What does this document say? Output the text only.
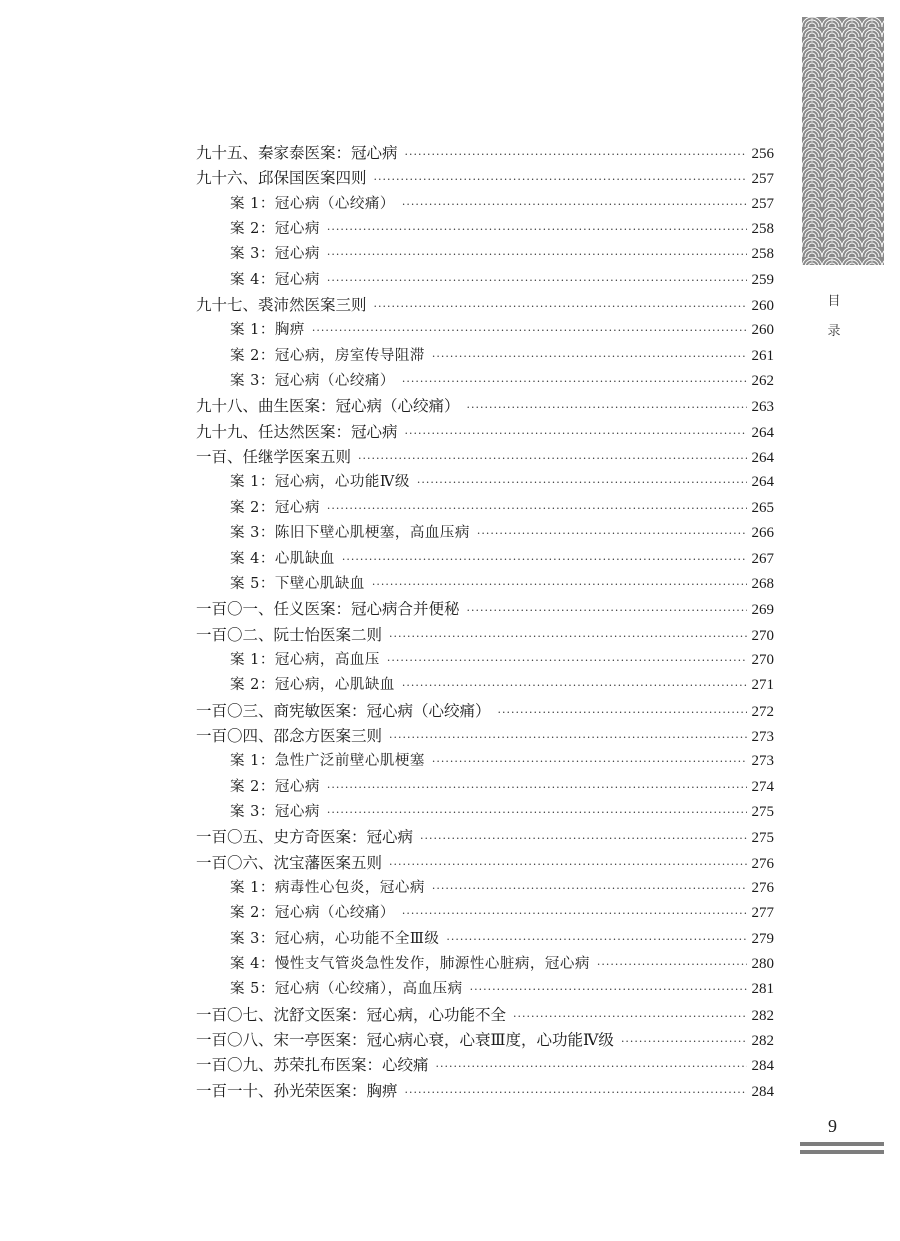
目
录
九十五、秦家泰医案：冠心病 ·····	256
九十六、邱保国医案四则 ·····	257
案 1：冠心病（心绞痛） ·····	257
案 2：冠心病 ·····	258
案 3：冠心病 ·····	258
案 4：冠心病 ·····	259
九十七、裘沛然医案三则 ·····	260
案 1：胸痹 ·····	260
案 2：冠心病，房室传导阻滞 ·····	261
案 3：冠心病（心绞痛） ·····	262
九十八、曲生医案：冠心病（心绞痛） ·····	263
九十九、任达然医案：冠心病 ·····	264
一百、任继学医案五则 ·····	264
案 1：冠心病，心功能Ⅳ级 ·····	264
案 2：冠心病 ·····	265
案 3：陈旧下壁心肌梗塞，高血压病 ·····	266
案 4：心肌缺血 ·····	267
案 5：下壁心肌缺血 ·····	268
一百〇一、任义医案：冠心病合并便秘 ·····	269
一百〇二、阮士怡医案二则 ·····	270
案 1：冠心病，高血压 ·····	270
案 2：冠心病，心肌缺血 ·····	271
一百〇三、商宪敏医案：冠心病（心绞痛） ·····	272
一百〇四、邵念方医案三则 ·····	273
案 1：急性广泛前壁心肌梗塞 ·····	273
案 2：冠心病 ·····	274
案 3：冠心病 ·····	275
一百〇五、史方奇医案：冠心病 ·····	275
一百〇六、沈宝藩医案五则 ·····	276
案 1：病毒性心包炎，冠心病 ·····	276
案 2：冠心病（心绞痛） ·····	277
案 3：冠心病，心功能不全Ⅲ级 ·····	279
案 4：慢性支气管炎急性发作，肺源性心脏病，冠心病 ·····	280
案 5：冠心病（心绞痛），高血压病 ·····	281
一百〇七、沈舒文医案：冠心病，心功能不全 ·····	282
一百〇八、宋一亭医案：冠心病心衰，心衰Ⅲ度，心功能Ⅳ级 ·····	282
一百〇九、苏荣扎布医案：心绞痛 ·····	284
一百一十、孙光荣医案：胸痹 ·····	284
9
